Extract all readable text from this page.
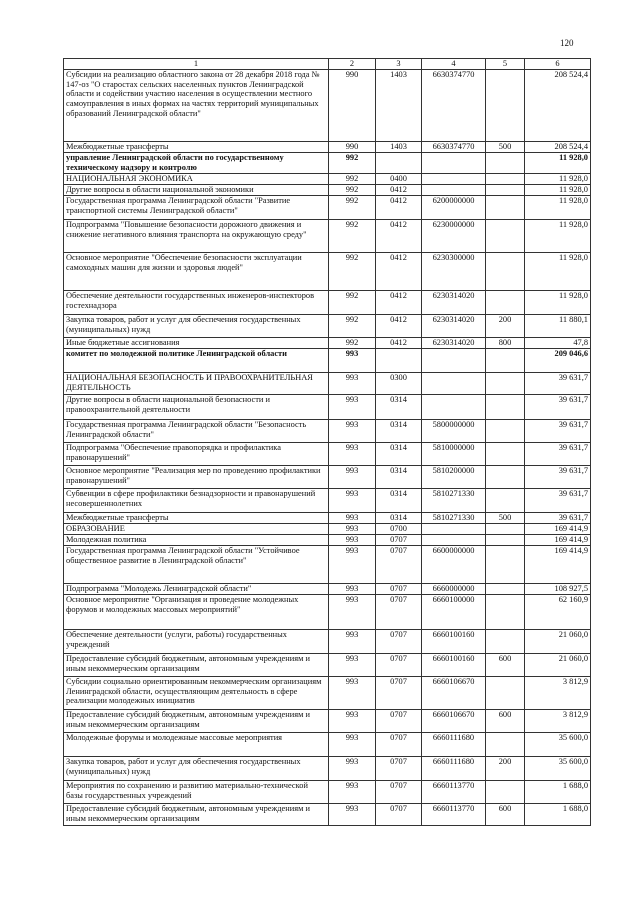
120
1	2	3	4	5	6
Субсидии на реализацию областного закона от 28 декабря 2018 года № 147-оз "О старостах сельских населенных пунктов Ленинградской области и содействии участию населения в осуществлении местного самоуправления в иных формах на частях территорий муниципальных образований Ленинградской области"	990	1403	6630374770		208 524,4
Межбюджетные трансферты	990	1403	6630374770	500	208 524,4
управление Ленинградской области по государственному техническому надзору и контролю	992				11 928,0
НАЦИОНАЛЬНАЯ ЭКОНОМИКА	992	0400			11 928,0
Другие вопросы в области национальной экономики	992	0412			11 928,0
Государственная программа Ленинградской области "Развитие транспортной системы Ленинградской области"	992	0412	6200000000		11 928,0
Подпрограмма "Повышение безопасности дорожного движения и снижение негативного влияния транспорта на окружающую среду"	992	0412	6230000000		11 928,0
Основное мероприятие "Обеспечение безопасности эксплуатации самоходных машин для жизни и здоровья людей"	992	0412	6230300000		11 928,0
Обеспечение деятельности государственных инженеров-инспекторов гостехнадзора	992	0412	6230314020		11 928,0
Закупка товаров, работ и услуг для обеспечения государственных (муниципальных) нужд	992	0412	6230314020	200	11 880,1
Иные бюджетные ассигнования	992	0412	6230314020	800	47,8
комитет по молодежной политике Ленинградской области	993				209 046,6
НАЦИОНАЛЬНАЯ БЕЗОПАСНОСТЬ И ПРАВООХРАНИТЕЛЬНАЯ ДЕЯТЕЛЬНОСТЬ	993	0300			39 631,7
Другие вопросы в области национальной безопасности и правоохранительной деятельности	993	0314			39 631,7
Государственная программа Ленинградской области "Безопасность Ленинградской области"	993	0314	5800000000		39 631,7
Подпрограмма "Обеспечение правопорядка и профилактика правонарушений"	993	0314	5810000000		39 631,7
Основное мероприятие "Реализация мер по проведению профилактики правонарушений"	993	0314	5810200000		39 631,7
Субвенции в сфере профилактики безнадзорности и правонарушений несовершеннолетних	993	0314	5810271330		39 631,7
Межбюджетные трансферты	993	0314	5810271330	500	39 631,7
ОБРАЗОВАНИЕ	993	0700			169 414,9
Молодежная политика	993	0707			169 414,9
Государственная программа Ленинградской области "Устойчивое общественное развитие в Ленинградской области"	993	0707	6600000000		169 414,9
Подпрограмма "Молодежь Ленинградской области"	993	0707	6660000000		108 927,5
Основное мероприятие "Организация и проведение молодежных форумов и молодежных массовых мероприятий"	993	0707	6660100000		62 160,9
Обеспечение деятельности (услуги, работы) государственных учреждений	993	0707	6660100160		21 060,0
Предоставление субсидий бюджетным, автономным учреждениям и иным некоммерческим организациям	993	0707	6660100160	600	21 060,0
Субсидии социально ориентированным некоммерческим организациям Ленинградской области, осуществляющим деятельность в сфере реализации молодежных инициатив	993	0707	6660106670		3 812,9
Предоставление субсидий бюджетным, автономным учреждениям и иным некоммерческим организациям	993	0707	6660106670	600	3 812,9
Молодежные форумы и молодежные массовые мероприятия	993	0707	6660111680		35 600,0
Закупка товаров, работ и услуг для обеспечения государственных (муниципальных) нужд	993	0707	6660111680	200	35 600,0
Мероприятия по сохранению и развитию материально-технической базы государственных учреждений	993	0707	6660113770		1 688,0
Предоставление субсидий бюджетным, автономным учреждениям и иным некоммерческим организациям	993	0707	6660113770	600	1 688,0
